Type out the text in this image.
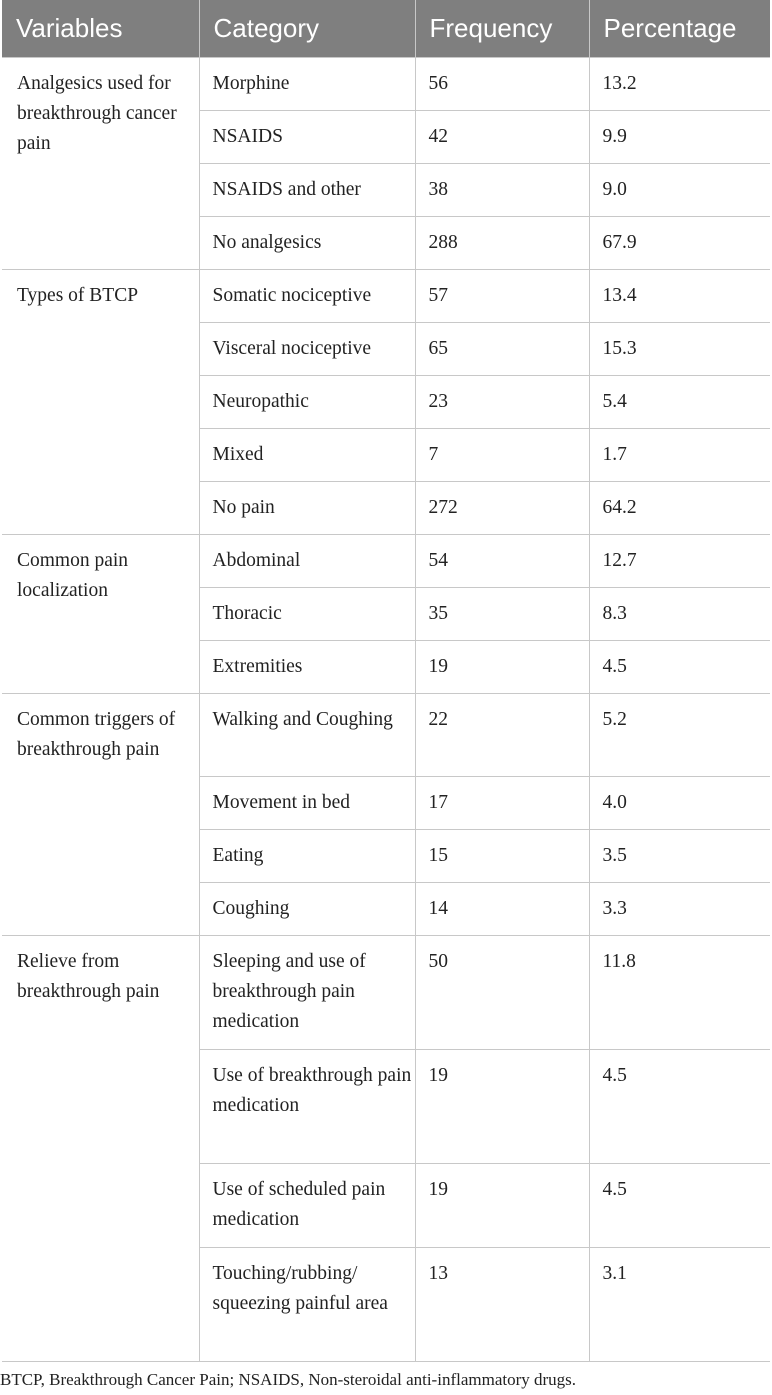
Variables	Category	Frequency	Percentage
Analgesics used for breakthrough cancer pain	Morphine	56	13.2
	NSAIDS	42	9.9
	NSAIDS and other	38	9.0
	No analgesics	288	67.9
Types of BTCP	Somatic nociceptive	57	13.4
	Visceral nociceptive	65	15.3
	Neuropathic	23	5.4
	Mixed	7	1.7
	No pain	272	64.2
Common pain localization	Abdominal	54	12.7
	Thoracic	35	8.3
	Extremities	19	4.5
Common triggers of breakthrough pain	Walking and Coughing	22	5.2
	Movement in bed	17	4.0
	Eating	15	3.5
	Coughing	14	3.3
Relieve from breakthrough pain	Sleeping and use of breakthrough pain medication	50	11.8
	Use of breakthrough pain medication	19	4.5
	Use of scheduled pain medication	19	4.5
	Touching/rubbing/ squeezing painful area	13	3.1
BTCP, Breakthrough Cancer Pain; NSAIDS, Non-steroidal anti-inflammatory drugs.
